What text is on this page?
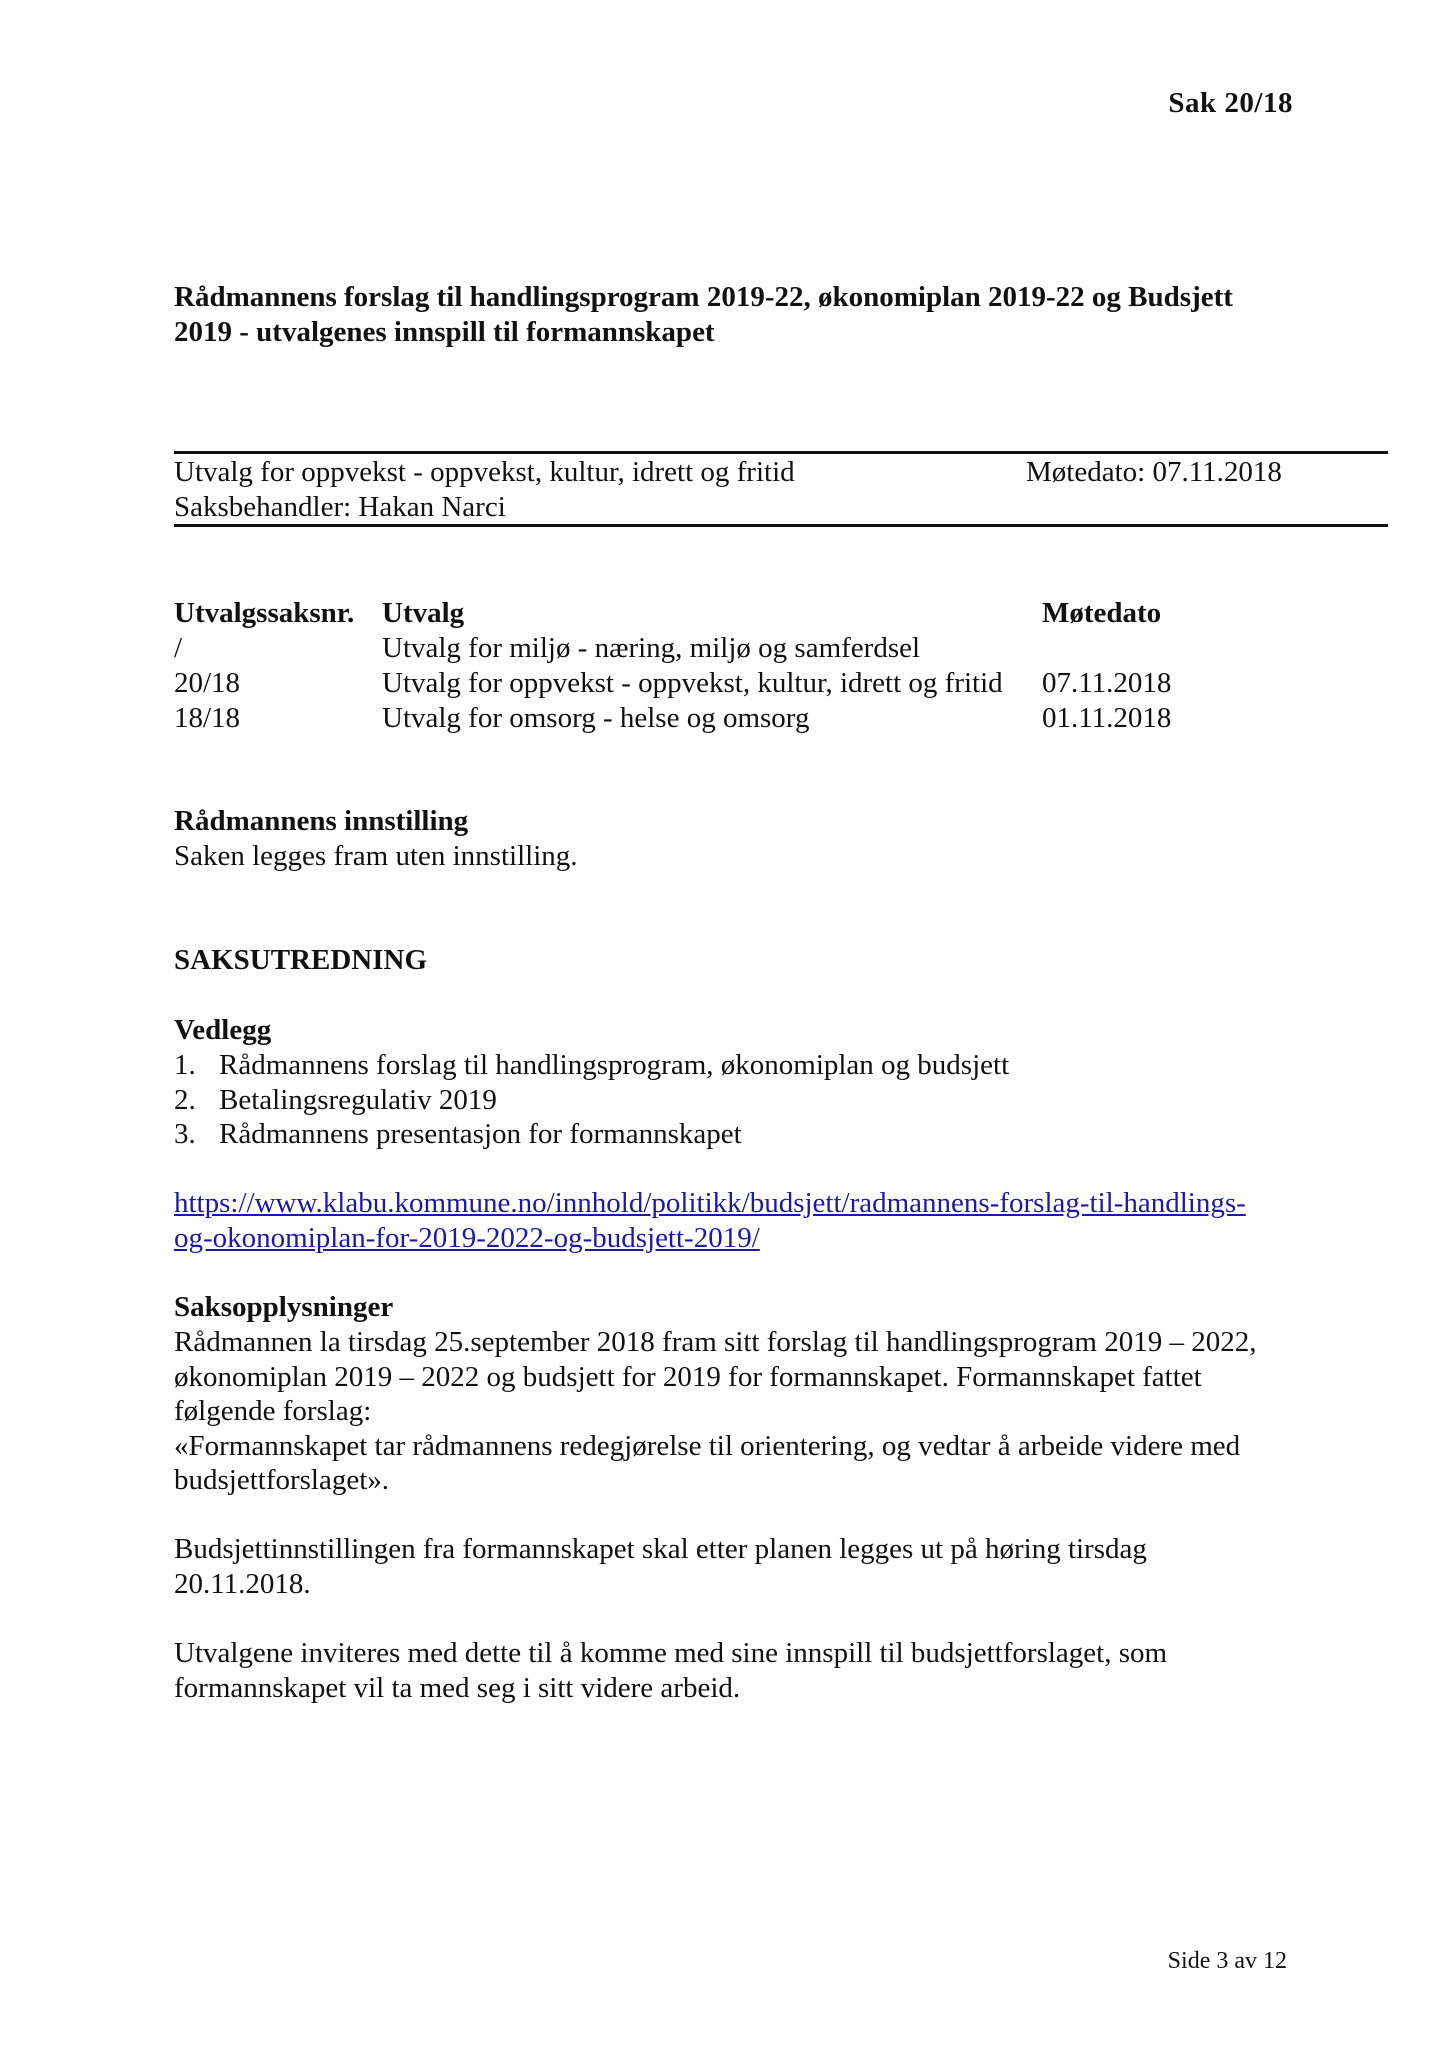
Sak 20/18
Rådmannens forslag til handlingsprogram 2019-22, økonomiplan 2019-22 og Budsjett
2019 - utvalgenes innspill til formannskapet
Utvalg for oppvekst - oppvekst, kultur, idrett og fritid	Møtedato: 07.11.2018
Saksbehandler: Hakan Narci
Utvalgssaksnr. Utvalg	Møtedato
/	Utvalg for miljø - næring, miljø og samferdsel
20/18	Utvalg for oppvekst - oppvekst, kultur, idrett og fritid 07.11.2018
18/18	Utvalg for omsorg - helse og omsorg	01.11.2018
Rådmannens innstilling
Saken legges fram uten innstilling.
SAKSUTREDNING
Vedlegg
1. Rådmannens forslag til handlingsprogram, økonomiplan og budsjett
2. Betalingsregulativ 2019
3. Rådmannens presentasjon for formannskapet
https://www.klabu.kommune.no/innhold/politikk/budsjett/radmannens-forslag-til-handlings-
og-okonomiplan-for-2019-2022-og-budsjett-2019/
Saksopplysninger
Rådmannen la tirsdag 25.september 2018 fram sitt forslag til handlingsprogram 2019 – 2022,
økonomiplan 2019 – 2022 og budsjett for 2019 for formannskapet. Formannskapet fattet
følgende forslag:
«Formannskapet tar rådmannens redegjørelse til orientering, og vedtar å arbeide videre med
budsjettforslaget».
Budsjettinnstillingen fra formannskapet skal etter planen legges ut på høring tirsdag
20.11.2018.
Utvalgene inviteres med dette til å komme med sine innspill til budsjettforslaget, som
formannskapet vil ta med seg i sitt videre arbeid.
Side 3 av 12
